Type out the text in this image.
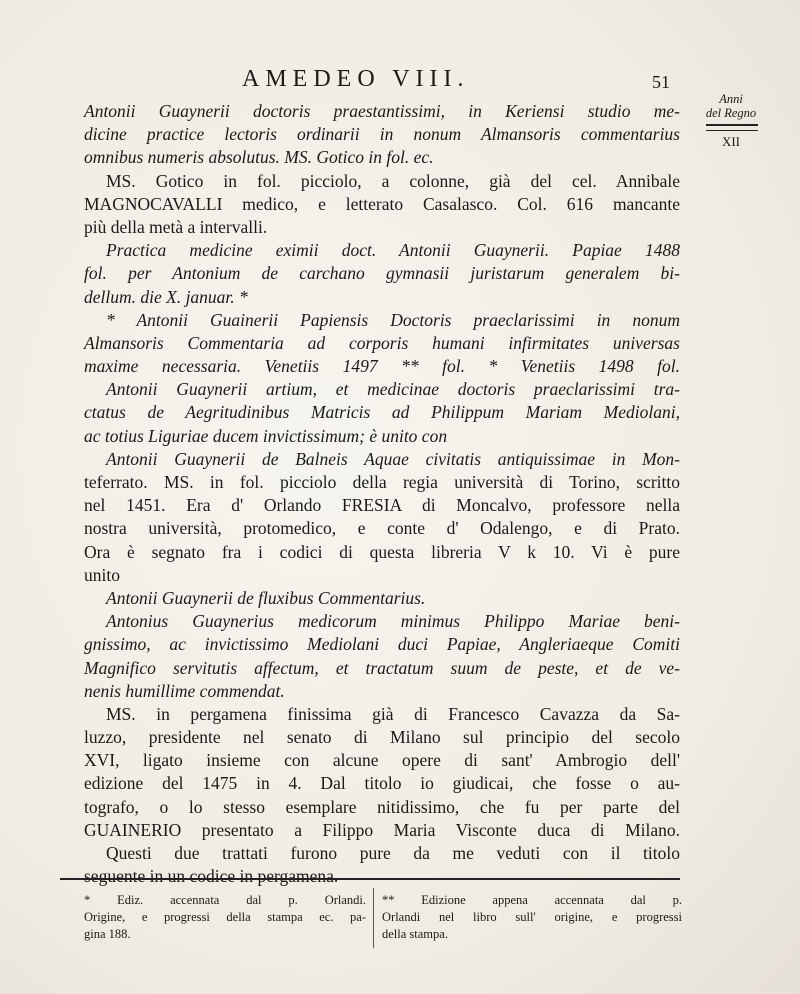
AMEDEO VIII.	51
Anni
del Regno
XII
Antonii Guaynerii doctoris praestantissimi, in Keriensi studio me-
dicine practice lectoris ordinarii in nonum Almansoris commentarius
omnibus numeris absolutus. MS. Gotico in fol. ec.
MS. Gotico in fol. picciolo, a colonne, già del cel. Annibale
MAGNOCAVALLI medico, e letterato Casalasco. Col. 616 mancante
più della metà a intervalli.
Practica medicine eximii doct. Antonii Guaynerii. Papiae 1488
fol. per Antonium de carchano gymnasii juristarum generalem bi-
dellum. die X. januar. *
* Antonii Guainerii Papiensis Doctoris praeclarissimi in nonum
Almansoris Commentaria ad corporis humani infirmitates universas
maxime necessaria. Venetiis 1497 ** fol. * Venetiis 1498 fol.
Antonii Guaynerii artium, et medicinae doctoris praeclarissimi tra-
ctatus de Aegritudinibus Matricis ad Philippum Mariam Mediolani,
ac totius Liguriae ducem invictissimum; è unito con
Antonii Guaynerii de Balneis Aquae civitatis antiquissimae in Mon-
teferrato. MS. in fol. picciolo della regia università di Torino, scritto
nel 1451. Era d' Orlando FRESIA di Moncalvo, professore nella
nostra università, protomedico, e conte d' Odalengo, e di Prato.
Ora è segnato fra i codici di questa libreria V k 10. Vi è pure
unito
Antonii Guaynerii de fluxibus Commentarius.
Antonius Guaynerius medicorum minimus Philippo Mariae beni-
gnissimo, ac invictissimo Mediolani duci Papiae, Angleriaeque Comiti
Magnifico servitutis affectum, et tractatum suum de peste, et de ve-
nenis humillime commendat.
MS. in pergamena finissima già di Francesco Cavazza da Sa-
luzzo, presidente nel senato di Milano sul principio del secolo
XVI, ligato insieme con alcune opere di sant' Ambrogio dell'
edizione del 1475 in 4. Dal titolo io giudicai, che fosse o au-
tografo, o lo stesso esemplare nitidissimo, che fu per parte del
GUAINERIO presentato a Filippo Maria Visconte duca di Milano.
Questi due trattati furono pure da me veduti con il titolo
seguente in un codice in pergamena.
* Ediz. accennata dal p. Orlandi.
Origine, e progressi della stampa ec. pa-
gina 188.
** Edizione appena accennata dal p.
Orlandi nel libro sull' origine, e progressi
della stampa.
